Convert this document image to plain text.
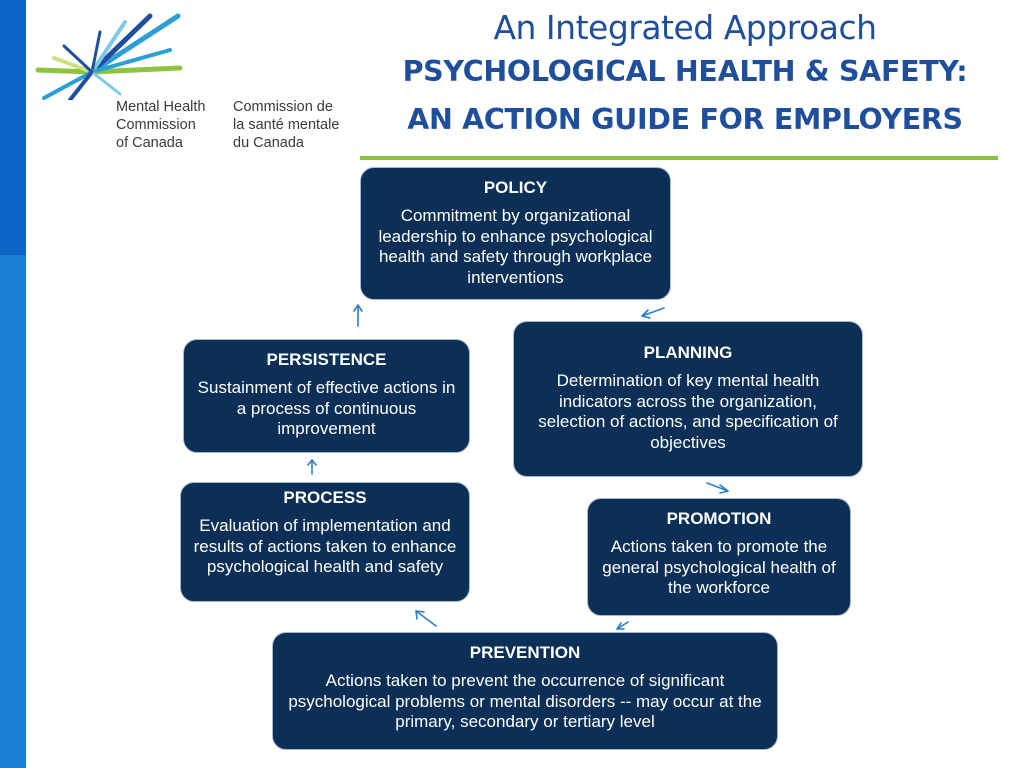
Mental Health
Commission
of Canada
Commission de
la santé mentale
du Canada
An Integrated Approach
PSYCHOLOGICAL HEALTH & SAFETY:
AN ACTION GUIDE FOR EMPLOYERS
POLICY
Commitment by organizational leadership to enhance psychological health and safety through workplace interventions
PLANNING
Determination of key mental health indicators across the organization, selection of actions, and specification of objectives
PERSISTENCE
Sustainment of effective actions in a process of continuous improvement
PROCESS
Evaluation of implementation and results of actions taken to enhance psychological health and safety
PROMOTION
Actions taken to promote the general psychological health of the workforce
PREVENTION
Actions taken to prevent the occurrence of significant psychological problems or mental disorders -- may occur at the primary, secondary or tertiary level
